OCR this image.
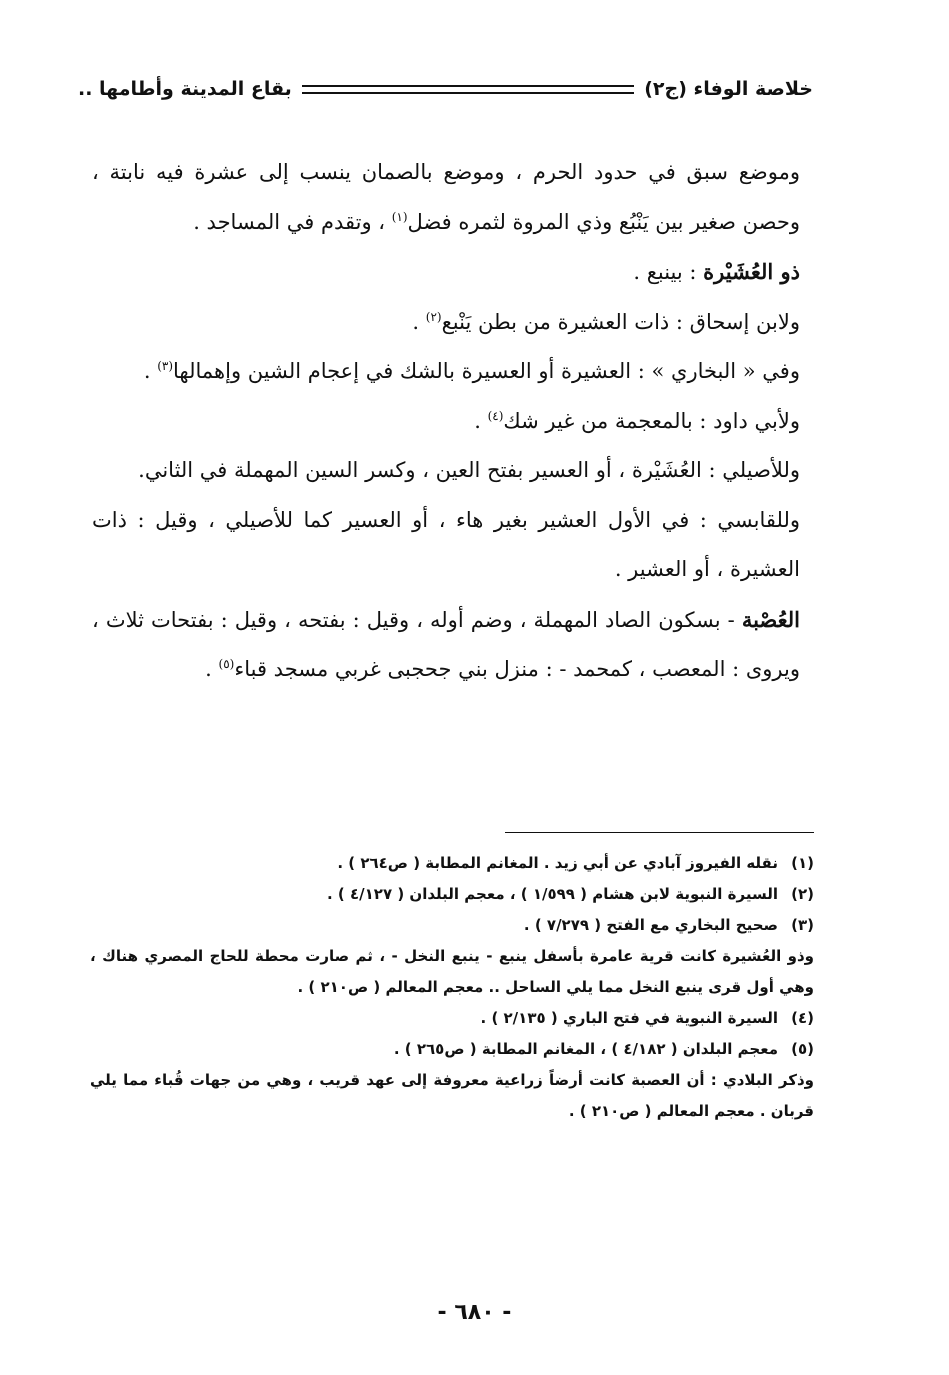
خلاصة الوفاء (ج٢)
بقاع المدينة وأطامها ..

وموضع سبق في حدود الحرم ، وموضع بالصمان ينسب إلى عشرة فيه نابتة ، وحصن صغير بين يَنْبُع وذي المروة لثمره فضل$^{(١)}$ ، وتقدم في المساجد .

ذو العُشَيْرة : بينبع .

ولابن إسحاق : ذات العشيرة من بطن يَنْبع$^{(٢)}$ .

وفي « البخاري » : العشيرة أو العسيرة بالشك في إعجام الشين وإهمالها$^{(٣)}$ .

ولأبي داود : بالمعجمة من غير شك$^{(٤)}$ .

وللأصيلي : العُشَيْرة ، أو العسير بفتح العين ، وكسر السين المهملة في الثاني.

وللقابسي : في الأول العشير بغير هاء ، أو العسير كما للأصيلي ، وقيل : ذات العشيرة ، أو العشير .

العُصْبة - بسكون الصاد المهملة ، وضم أوله ، وقيل : بفتحه ، وقيل : بفتحات ثلاث ، ويروى : المعصب ، كمحمد - : منزل بني جحجبى غربي مسجد قباء$^{(٥)}$ .

(١)نقله الفيروز آبادي عن أبي زيد . المغانم المطابة ( ص٢٦٤ ) .

(٢)السيرة النبوية لابن هشام ( ١/٥٩٩ ) ، معجم البلدان ( ٤/١٢٧ ) .

(٣)صحيح البخاري مع الفتح ( ٧/٢٧٩ ) .

وذو العُشيرة كانت قرية عامرة بأسفل ينبع - ينبع النخل - ، ثم صارت محطة للحاج المصري هناك ، وهي أول قرى ينبع النخل مما يلي الساحل .. معجم المعالم ( ص٢١٠ ) .

(٤)السيرة النبوية في فتح الباري ( ٢/١٣٥ ) .

(٥)معجم البلدان ( ٤/١٨٢ ) ، المغانم المطابة ( ص٢٦٥ ) .

وذكر البلادي : أن العصبة كانت أرضاً زراعية معروفة إلى عهد قريب ، وهي من جهات قُباء مما يلي قربان . معجم المعالم ( ص٢١٠ ) .

- ٦٨٠ -
